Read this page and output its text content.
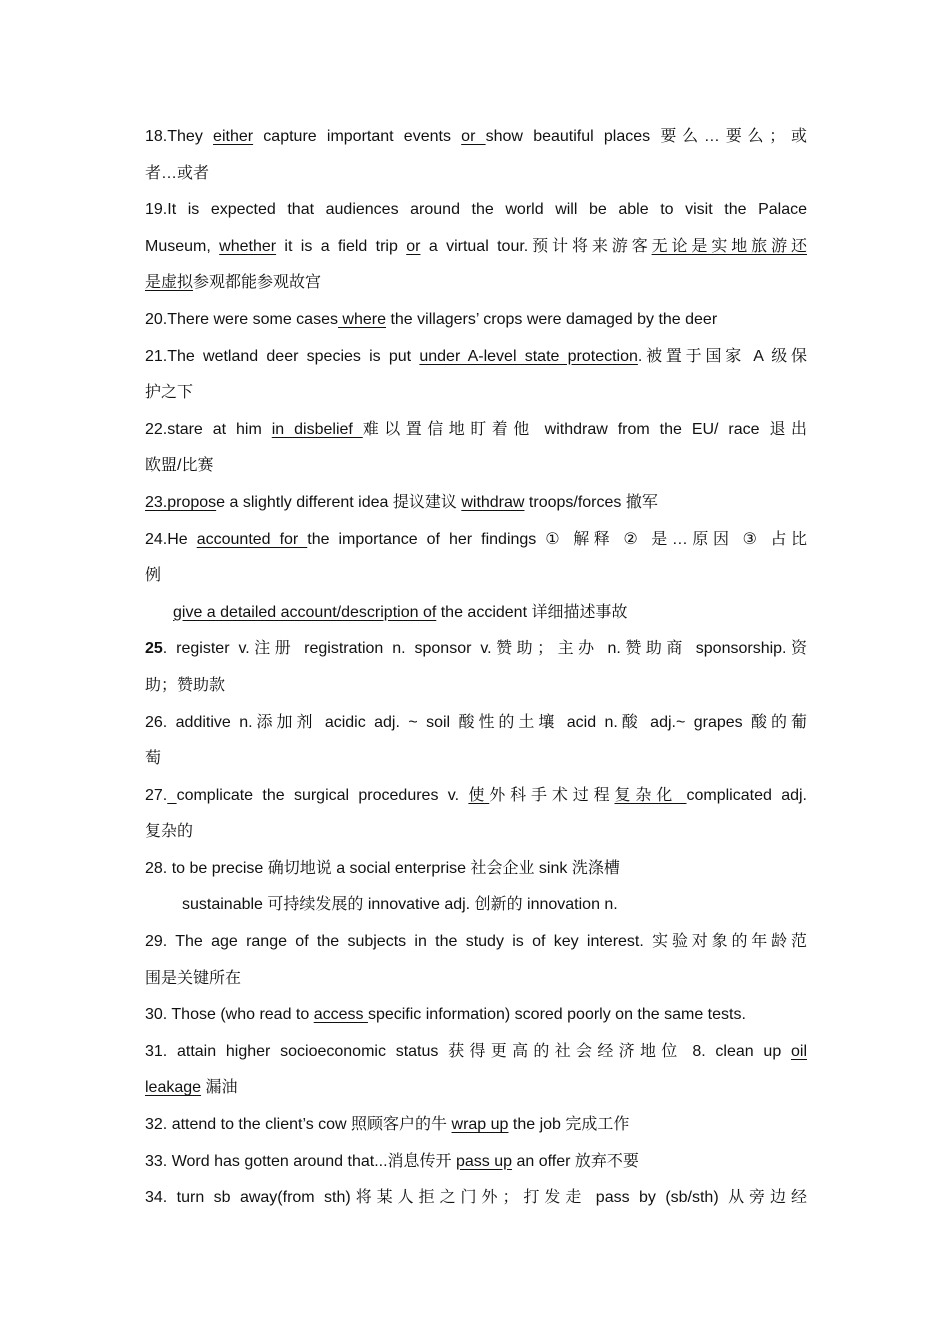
18.They either capture important events or show beautiful places 要么…要么；或
者…或者
19.It is expected that audiences around the world will be able to visit the Palace
Museum, whether it is a field trip or a virtual tour.预计将来游客无论是实地旅游还
是虚拟参观都能参观故宫
20.There were some cases where the villagers’ crops were damaged by the deer
21.The wetland deer species is put under A-level state protection.被置于国家 A 级保
护之下
22.stare at him in disbelief 难以置信地盯着他 withdraw from the EU/ race 退出
欧盟/比赛
23.propose a slightly different idea 提议建议 withdraw troops/forces 撤军
24.He accounted for the importance of her findings ① 解释 ② 是…原因 ③ 占比
例
give a detailed account/description of the accident 详细描述事故
25. register v.注册 registration n. sponsor v.赞助；主办 n.赞助商 sponsorship.资
助；赞助款
26. additive n.添加剂 acidic adj. ~ soil 酸性的土壤 acid n.酸 adj.~ grapes 酸的葡
萄
27. complicate the surgical procedures v. 使外科手术过程复杂化 complicated adj.
复杂的
28. to be precise 确切地说 a social enterprise 社会企业 sink 洗涤槽
sustainable 可持续发展的 innovative adj. 创新的 innovation n.
29. The age range of the subjects in the study is of key interest. 实验对象的年龄范
围是关键所在
30. Those (who read to access specific information) scored poorly on the same tests.
31. attain higher socioeconomic status 获得更高的社会经济地位 8. clean up oil
leakage 漏油
32. attend to the client’s cow 照顾客户的牛 wrap up the job 完成工作
33. Word has gotten around that...消息传开 pass up an offer 放弃不要
34. turn sb away(from sth)将某人拒之门外；打发走 pass by (sb/sth) 从旁边经
